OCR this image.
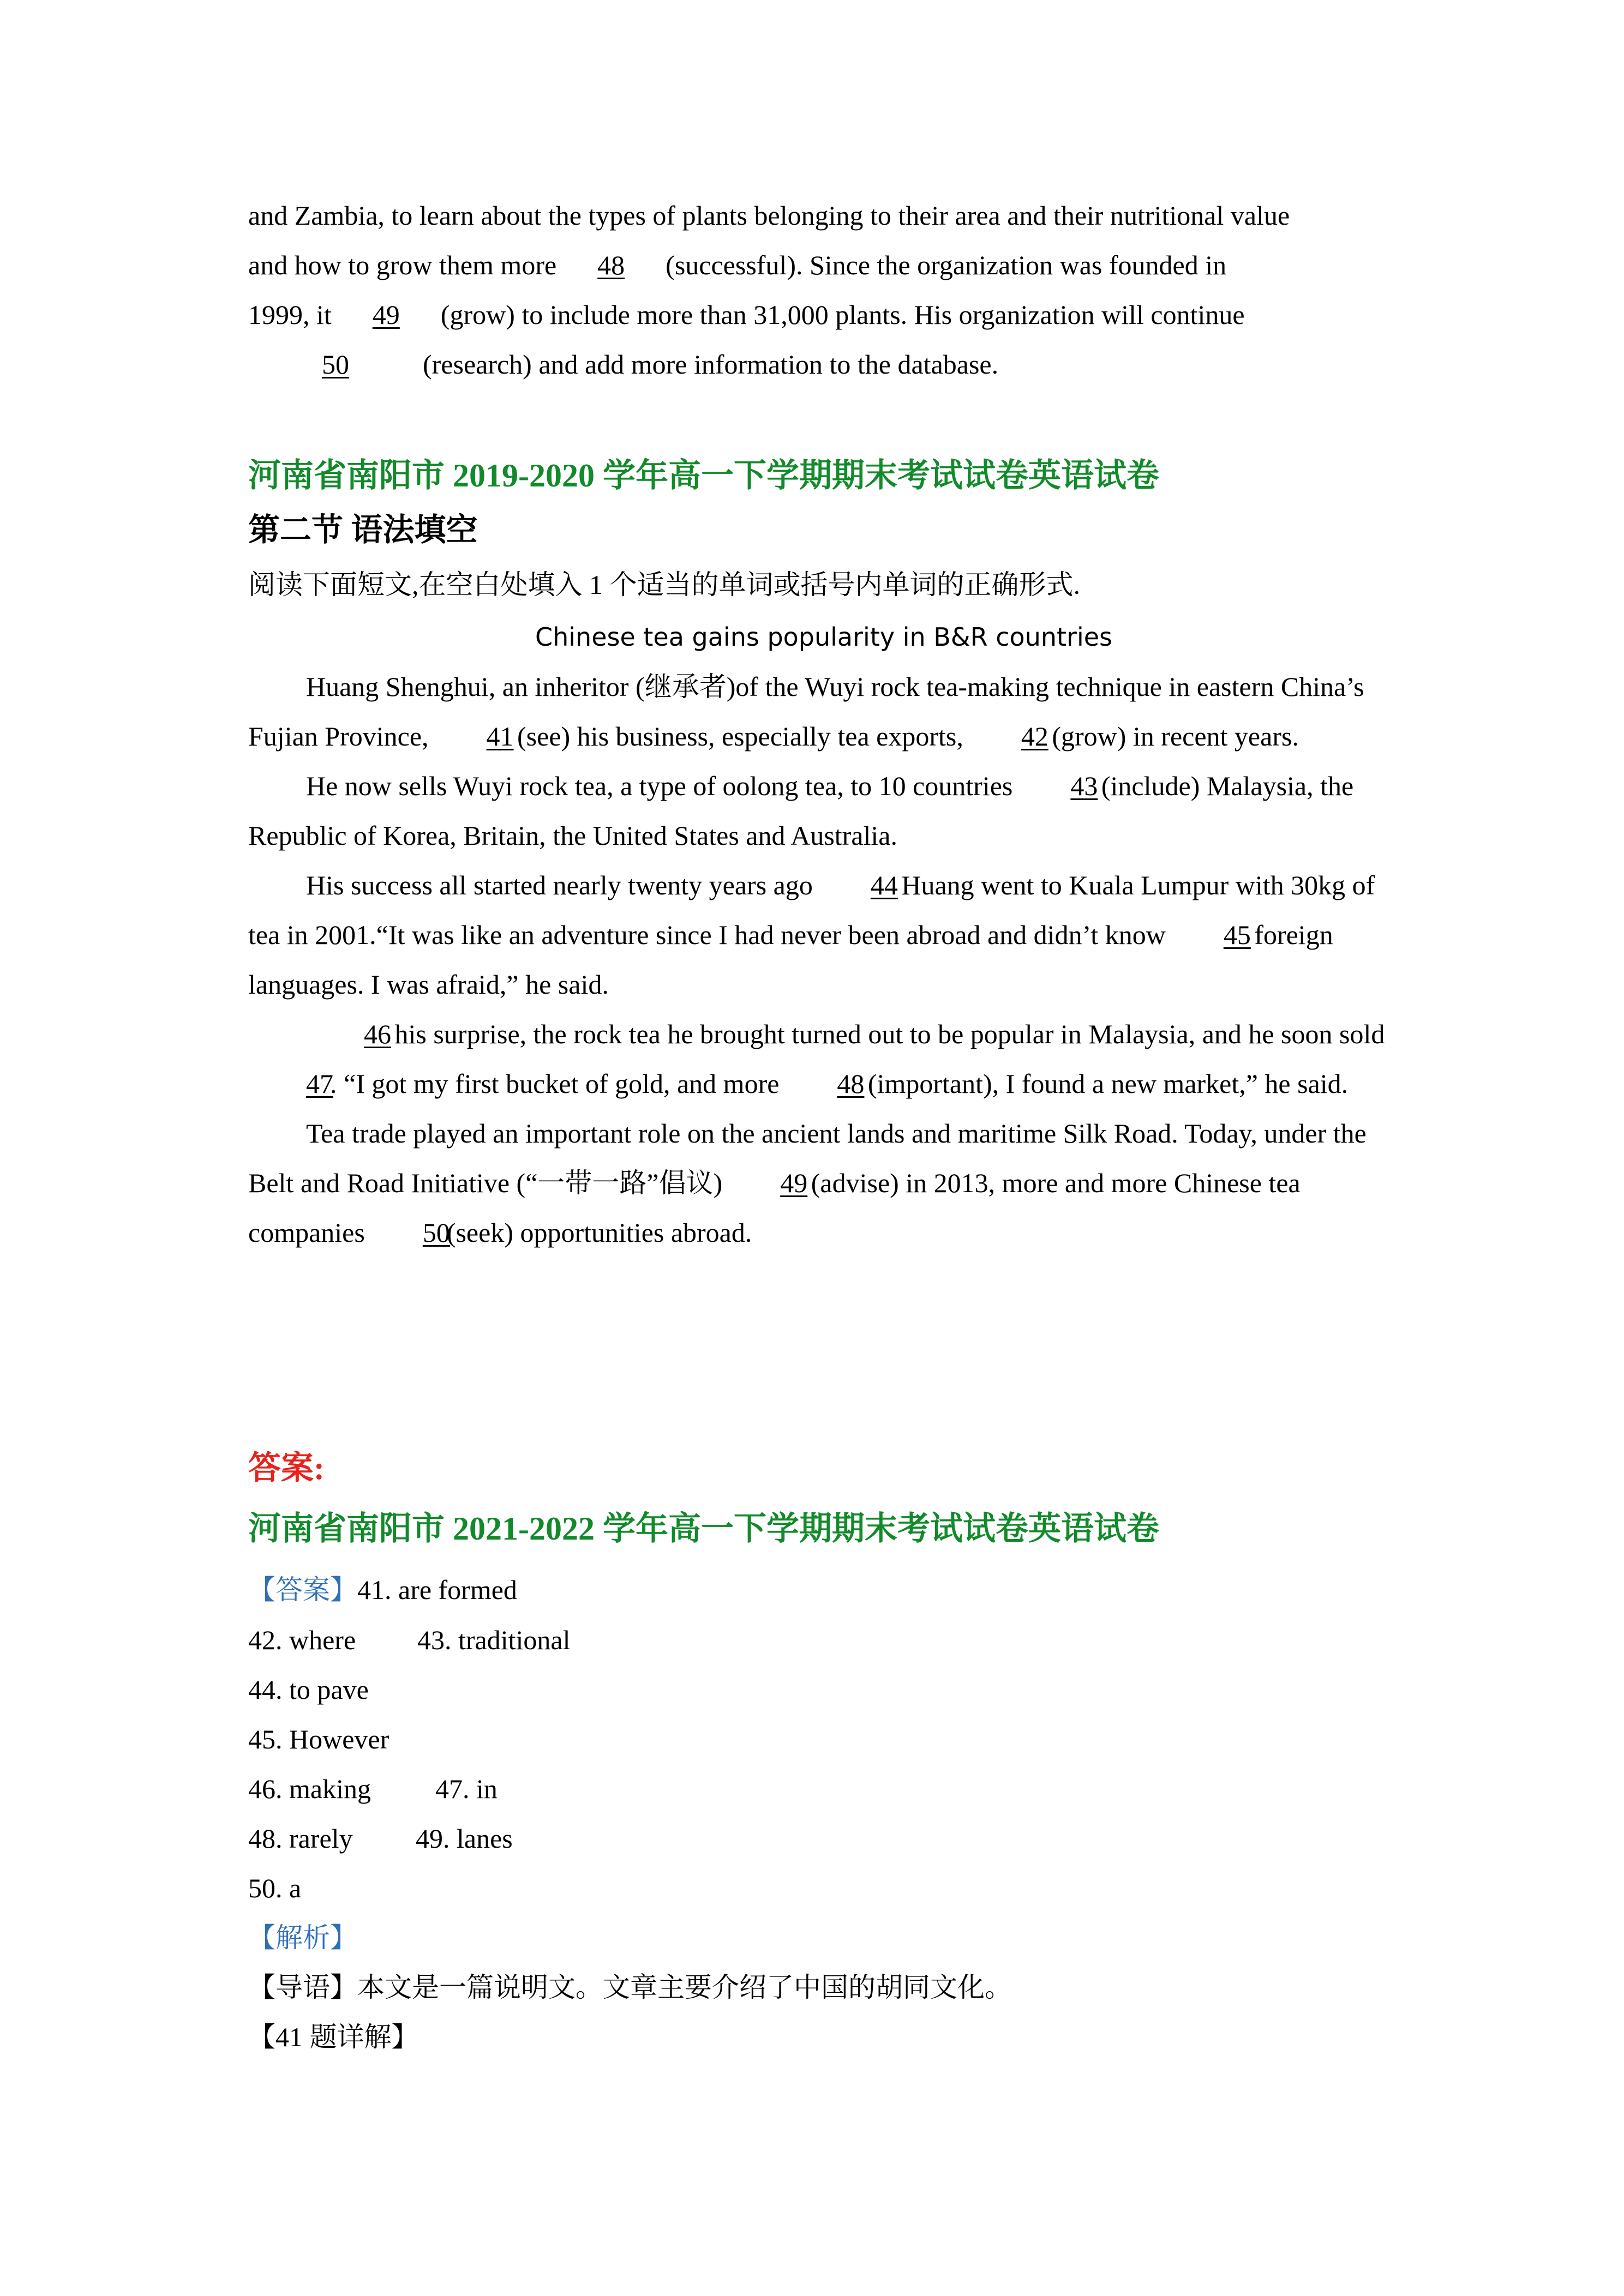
and Zambia, to learn about the types of plants belonging to their area and their nutritional value

and how to grow them more 48 (successful). Since the organization was founded in

1999, it 49 (grow) to include more than 31,000 plants. His organization will continue

50	(research) and add more information to the database.

河南省南阳市 2019-2020 学年高一下学期期末考试试卷英语试卷

第二节 语法填空

阅读下面短文,在空白处填入 1 个适当的单词或括号内单词的正确形式.

Chinese tea gains popularity in B&R countries

Huang Shenghui, an inheritor (继承者)of the Wuyi rock tea-making technique in eastern China’s Fujian Province, 41 (see) his business, especially tea exports, 42 (grow) in recent years.

He now sells Wuyi rock tea, a type of oolong tea, to 10 countries 43 (include) Malaysia, the Republic of Korea, Britain, the United States and Australia.

His success all started nearly twenty years ago 44 Huang went to Kuala Lumpur with 30kg of tea in 2001.“It was like an adventure since I had never been abroad and didn’t know 45 foreign languages. I was afraid,” he said.

46 his surprise, the rock tea he brought turned out to be popular in Malaysia, and he soon sold 47. “I got my first bucket of gold, and more 48 (important), I found a new market,” he said.

Tea trade played an important role on the ancient lands and maritime Silk Road. Today, under the Belt and Road Initiative (“一带一路”倡议) 49 (advise) in 2013, more and more Chinese tea companies 50(seek) opportunities abroad.

答案:

河南省南阳市 2021-2022 学年高一下学期期末考试试卷英语试卷

【答案】41. are formed
42. where 43. traditional
44. to pave
45. However
46. making 47. in
48. rarely 49. lanes
50. a
【解析】
【导语】本文是一篇说明文。文章主要介绍了中国的胡同文化。
【41 题详解】
